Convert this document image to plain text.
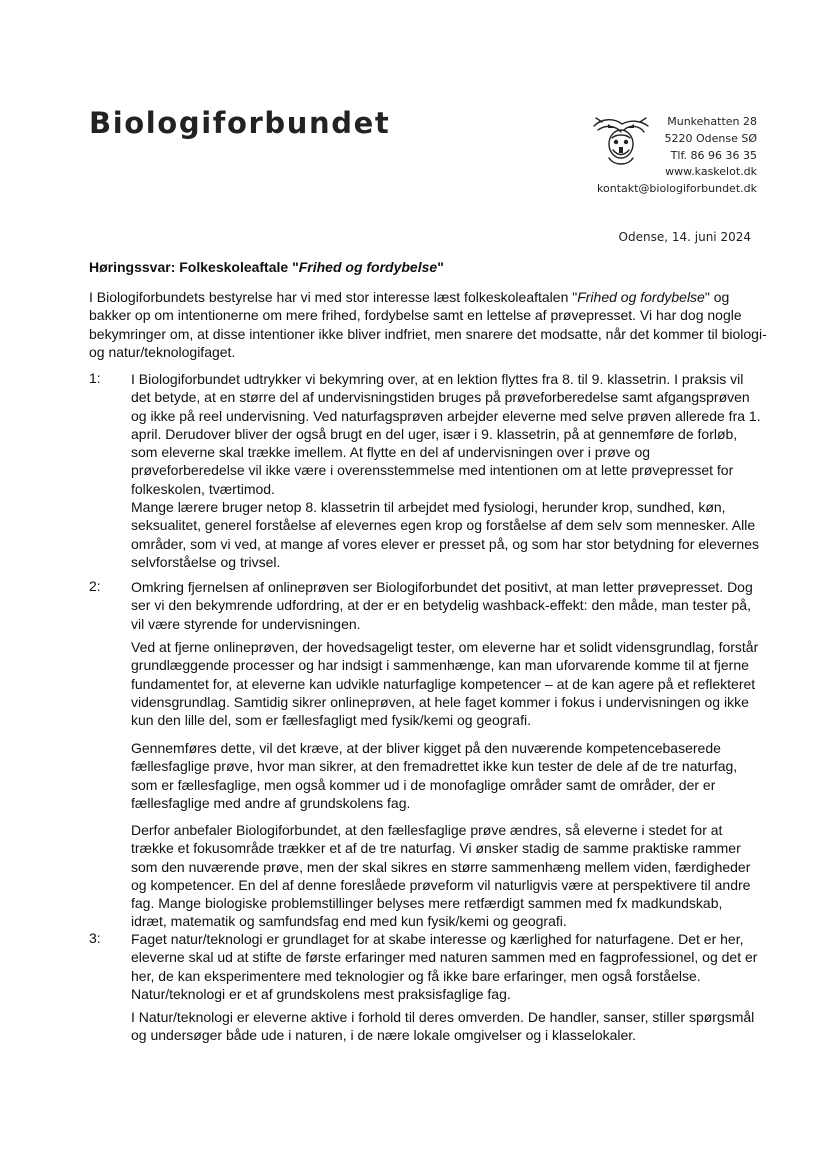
Biologiforbundet	Munkehatten 28
5220 Odense SØ
Tlf. 86 96 36 35
www.kaskelot.dk
kontakt@biologiforbundet.dk
Odense, 14. juni 2024
Høringssvar: Folkeskoleaftale "Frihed og fordybelse"

I Biologiforbundets bestyrelse har vi med stor interesse læst folkeskoleaftalen "Frihed og fordybelse" og bakker op om intentionerne om mere frihed, fordybelse samt en lettelse af prøvepresset. Vi har dog nogle bekymringer om, at disse intentioner ikke bliver indfriet, men snarere det modsatte, når det kommer til biologi- og natur/teknologifaget.

1: I Biologiforbundet udtrykker vi bekymring over, at en lektion flyttes fra 8. til 9. klassetrin. I praksis vil det betyde, at en større del af undervisningstiden bruges på prøveforberedelse samt afgangsprøven og ikke på reel undervisning. Ved naturfagsprøven arbejder eleverne med selve prøven allerede fra 1. april. Derudover bliver der også brugt en del uger, især i 9. klassetrin, på at gennemføre de forløb, som eleverne skal trække imellem. At flytte en del af undervisningen over i prøve og prøveforberedelse vil ikke være i overensstemmelse med intentionen om at lette prøvepresset for folkeskolen, tværtimod.

Mange lærere bruger netop 8. klassetrin til arbejdet med fysiologi, herunder krop, sundhed, køn, seksualitet, generel forståelse af elevernes egen krop og forståelse af dem selv som mennesker. Alle områder, som vi ved, at mange af vores elever er presset på, og som har stor betydning for elevernes selvforståelse og trivsel.

2: Omkring fjernelsen af onlineprøven ser Biologiforbundet det positivt, at man letter prøvepresset. Dog ser vi den bekymrende udfordring, at der er en betydelig washback-effekt: den måde, man tester på, vil være styrende for undervisningen.

Ved at fjerne onlineprøven, der hovedsageligt tester, om eleverne har et solidt vidensgrundlag, forstår grundlæggende processer og har indsigt i sammenhænge, kan man uforvarende komme til at fjerne fundamentet for, at eleverne kan udvikle naturfaglige kompetencer – at de kan agere på et reflekteret vidensgrundlag. Samtidig sikrer onlineprøven, at hele faget kommer i fokus i undervisningen og ikke kun den lille del, som er fællesfagligt med fysik/kemi og geografi.

Gennemføres dette, vil det kræve, at der bliver kigget på den nuværende kompetencebaserede fællesfaglige prøve, hvor man sikrer, at den fremadrettet ikke kun tester de dele af de tre naturfag, som er fællesfaglige, men også kommer ud i de monofaglige områder samt de områder, der er fællesfaglige med andre af grundskolens fag.

Derfor anbefaler Biologiforbundet, at den fællesfaglige prøve ændres, så eleverne i stedet for at trække et fokusområde trækker et af de tre naturfag. Vi ønsker stadig de samme praktiske rammer som den nuværende prøve, men der skal sikres en større sammenhæng mellem viden, færdigheder og kompetencer. En del af denne foreslåede prøveform vil naturligvis være at perspektivere til andre fag. Mange biologiske problemstillinger belyses mere retfærdigt sammen med fx madkundskab, idræt, matematik og samfundsfag end med kun fysik/kemi og geografi.

3: Faget natur/teknologi er grundlaget for at skabe interesse og kærlighed for naturfagene. Det er her, eleverne skal ud at stifte de første erfaringer med naturen sammen med en fagprofessionel, og det er her, de kan eksperimentere med teknologier og få ikke bare erfaringer, men også forståelse. Natur/teknologi er et af grundskolens mest praksisfaglige fag.

I Natur/teknologi er eleverne aktive i forhold til deres omverden. De handler, sanser, stiller spørgsmål og undersøger både ude i naturen, i de nære lokale omgivelser og i klasselokaler.
